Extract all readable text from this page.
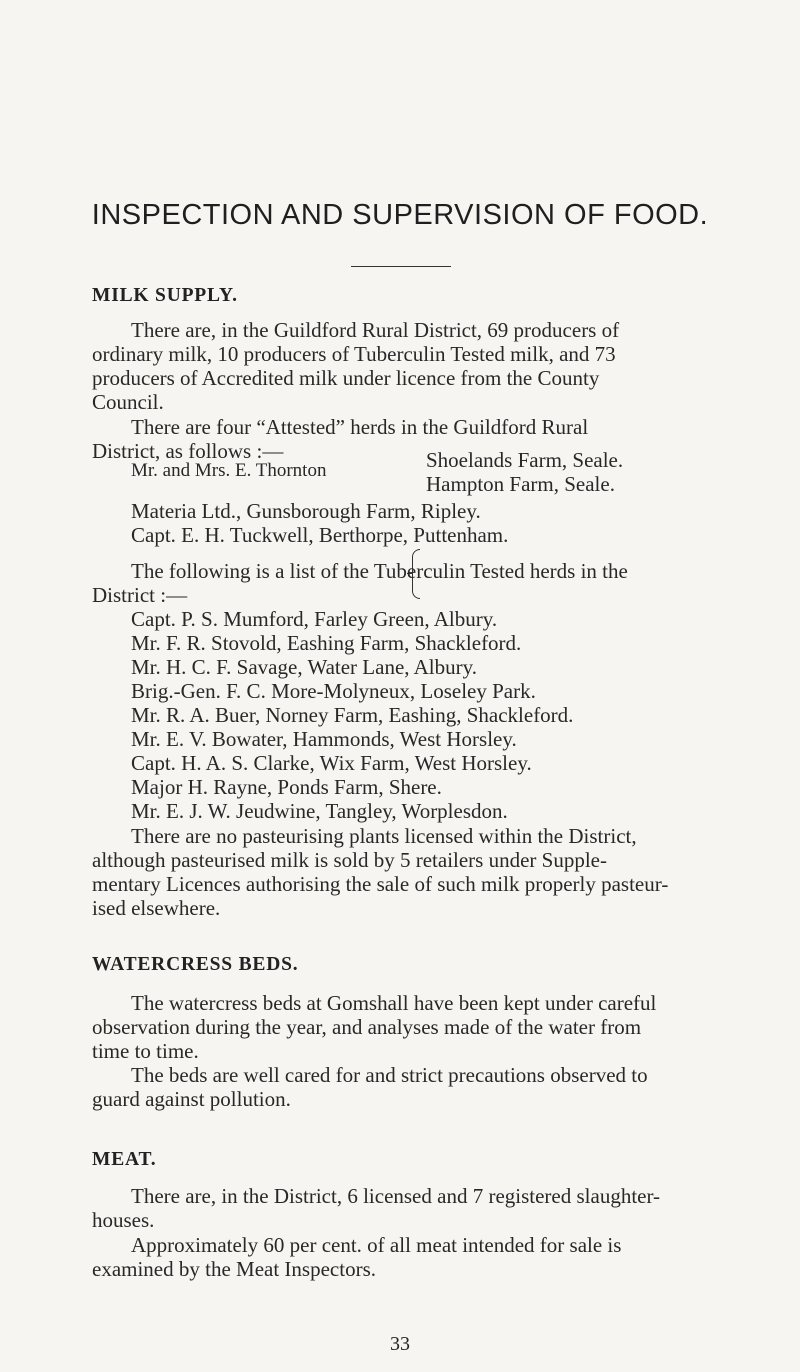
INSPECTION AND SUPERVISION OF FOOD.
MILK SUPPLY.
There are, in the Guildford Rural District, 69 producers of
ordinary milk, 10 producers of Tuberculin Tested milk, and 73
producers of Accredited milk under licence from the County
Council.
There are four “Attested” herds in the Guildford Rural
District, as follows :—
Mr. and Mrs. E. Thornton	Shoelands Farm, Seale.
Hampton Farm, Seale.
Materia Ltd., Gunsborough Farm, Ripley.
Capt. E. H. Tuckwell, Berthorpe, Puttenham.
The following is a list of the Tuberculin Tested herds in the
District :—
Capt. P. S. Mumford, Farley Green, Albury.
Mr. F. R. Stovold, Eashing Farm, Shackleford.
Mr. H. C. F. Savage, Water Lane, Albury.
Brig.-Gen. F. C. More-Molyneux, Loseley Park.
Mr. R. A. Buer, Norney Farm, Eashing, Shackleford.
Mr. E. V. Bowater, Hammonds, West Horsley.
Capt. H. A. S. Clarke, Wix Farm, West Horsley.
Major H. Rayne, Ponds Farm, Shere.
Mr. E. J. W. Jeudwine, Tangley, Worplesdon.
There are no pasteurising plants licensed within the District,
although pasteurised milk is sold by 5 retailers under Supple-
mentary Licences authorising the sale of such milk properly pasteur-
ised elsewhere.
WATERCRESS BEDS.
The watercress beds at Gomshall have been kept under careful
observation during the year, and analyses made of the water from
time to time.
The beds are well cared for and strict precautions observed to
guard against pollution.
MEAT.
There are, in the District, 6 licensed and 7 registered slaughter-
houses.
Approximately 60 per cent. of all meat intended for sale is
examined by the Meat Inspectors.
33
